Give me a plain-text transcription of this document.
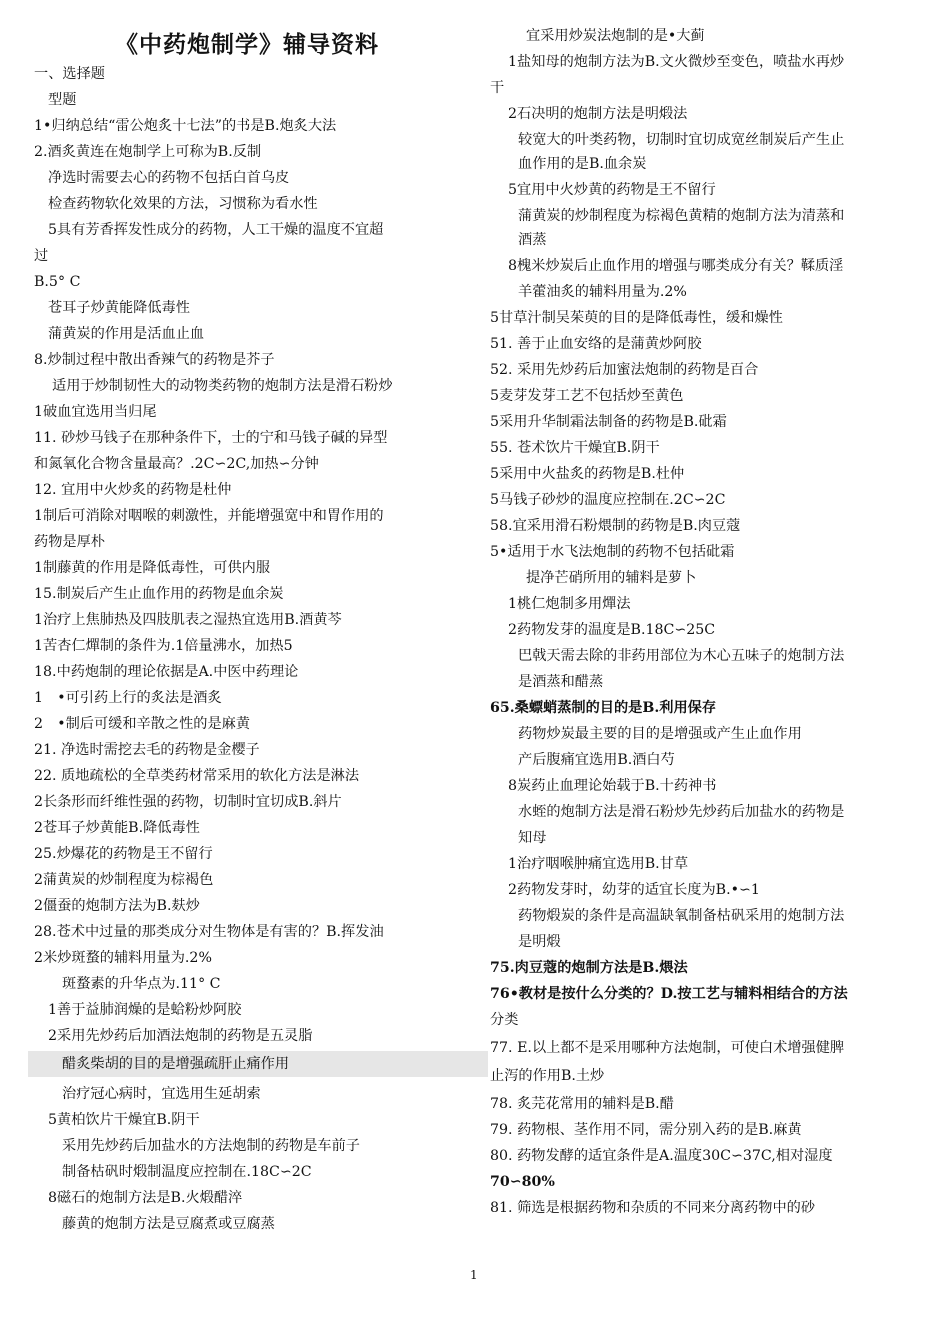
《中药炮制学》辅导资料
一、选择题
型题
1•归纳总结“雷公炮炙十七法”的书是B.炮炙大法
2.酒炙黄连在炮制学上可称为B.反制
净选时需要去心的药物不包括白首乌皮
检查药物软化效果的方法，习惯称为看水性
5具有芳香挥发性成分的药物，人工干燥的温度不宜超
过
B.5° C
苍耳子炒黄能降低毒性
蒲黄炭的作用是活血止血
8.炒制过程中散出香辣气的药物是芥子
适用于炒制韧性大的动物类药物的炮制方法是滑石粉炒
1破血宜选用当归尾
11. 砂炒马钱子在那种条件下，士的宁和马钱子碱的异型
和氮氧化合物含量最高？.2C∽2C,加热∽分钟
12. 宜用中火炒炙的药物是杜仲
1制后可消除对咽喉的刺激性，并能增强宽中和胃作用的
药物是厚朴
1制藤黄的作用是降低毒性，可供内服
15.制炭后产生止血作用的药物是血余炭
1治疗上焦肺热及四肢肌表之湿热宜选用B.酒黄芩
1苦杏仁燀制的条件为.1倍量沸水，加热5
18.中药炮制的理论依据是A.中医中药理论
1　•可引药上行的炙法是酒炙
2　•制后可缓和辛散之性的是麻黄
21. 净选时需挖去毛的药物是金樱子
22. 质地疏松的全草类药材常采用的软化方法是淋法
2长条形而纤维性强的药物，切制时宜切成B.斜片
2苍耳子炒黄能B.降低毒性
25.炒爆花的药物是王不留行
2蒲黄炭的炒制程度为棕褐色
2僵蚕的炮制方法为B.麸炒
28.苍术中过量的那类成分对生物体是有害的？B.挥发油
2米炒斑蝥的辅料用量为.2%
斑蝥素的升华点为.11° C
1善于益肺润燥的是蛤粉炒阿胶
2采用先炒药后加酒法炮制的药物是五灵脂
醋炙柴胡的目的是增强疏肝止痛作用
治疗冠心病时，宜选用生延胡索
5黄柏饮片干燥宜B.阴干
采用先炒药后加盐水的方法炮制的药物是车前子
制备枯矾时煅制温度应控制在.18C∽2C
8磁石的炮制方法是B.火煅醋淬
藤黄的炮制方法是豆腐煮或豆腐蒸
宜采用炒炭法炮制的是•大蓟
1盐知母的炮制方法为B.文火微炒至变色，喷盐水再炒
干
2石决明的炮制方法是明煅法
较宽大的叶类药物，切制时宜切成宽丝制炭后产生止
血作用的是B.血余炭
5宜用中火炒黄的药物是王不留行
蒲黄炭的炒制程度为棕褐色黄精的炮制方法为清蒸和
酒蒸
8槐米炒炭后止血作用的增强与哪类成分有关？鞣质淫
羊藿油炙的辅料用量为.2%
5甘草汁制吴茱萸的目的是降低毒性，缓和燥性
51. 善于止血安络的是蒲黄炒阿胶
52. 采用先炒药后加蜜法炮制的药物是百合
5麦芽发芽工艺不包括炒至黄色
5采用升华制霜法制备的药物是B.砒霜
55. 苍术饮片干燥宜B.阴干
5采用中火盐炙的药物是B.杜仲
5马钱子砂炒的温度应控制在.2C∽2C
58.宜采用滑石粉煨制的药物是B.肉豆蔻
5•适用于水飞法炮制的药物不包括砒霜
提净芒硝所用的辅料是萝卜
1桃仁炮制多用燀法
2药物发芽的温度是B.18C∽25C
巴戟天需去除的非药用部位为木心五味子的炮制方法
是酒蒸和醋蒸
65.桑螵蛸蒸制的目的是B.利用保存
药物炒炭最主要的目的是增强或产生止血作用
产后腹痛宜选用B.酒白芍
8炭药止血理论始载于B.十药神书
水蛭的炮制方法是滑石粉炒先炒药后加盐水的药物是
知母
1治疗咽喉肿痛宜选用B.甘草
2药物发芽时，幼芽的适宜长度为B.•∽1
药物煅炭的条件是高温缺氧制备枯矾采用的炮制方法
是明煅
75.肉豆蔻的炮制方法是B.煨法
76•教材是按什么分类的？D.按工艺与辅料相结合的方法
分类
77. E.以上都不是采用哪种方法炮制，可使白术增强健脾
止泻的作用B.土炒
78. 炙芫花常用的辅料是B.醋
79. 药物根、茎作用不同，需分别入药的是B.麻黄
80. 药物发酵的适宜条件是A.温度30C∽37C,相对湿度
70∽80%
81. 筛选是根据药物和杂质的不同来分离药物中的砂
1
